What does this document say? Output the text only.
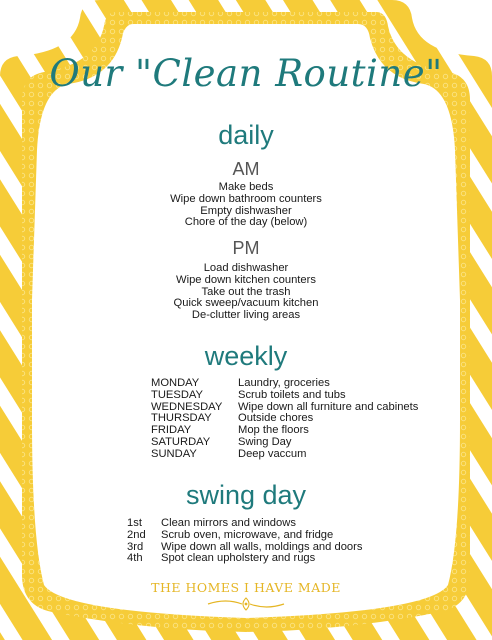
Our "Clean Routine"
daily
AM
Make beds
Wipe down bathroom counters
Empty dishwasher
Chore of the day (below)
PM
Load dishwasher
Wipe down kitchen counters
Take out the trash
Quick sweep/vacuum kitchen
De-clutter living areas
weekly
MONDAY	Laundry, groceries
TUESDAY	Scrub toilets and tubs
WEDNESDAY	Wipe down all furniture and cabinets
THURSDAY	Outside chores
FRIDAY	Mop the floors
SATURDAY	Swing Day
SUNDAY	Deep vaccum
swing day
1st	Clean mirrors and windows
2nd	Scrub oven, microwave, and fridge
3rd	Wipe down all walls, moldings and doors
4th	Spot clean upholstery and rugs
THE HOMES I HAVE MADE
